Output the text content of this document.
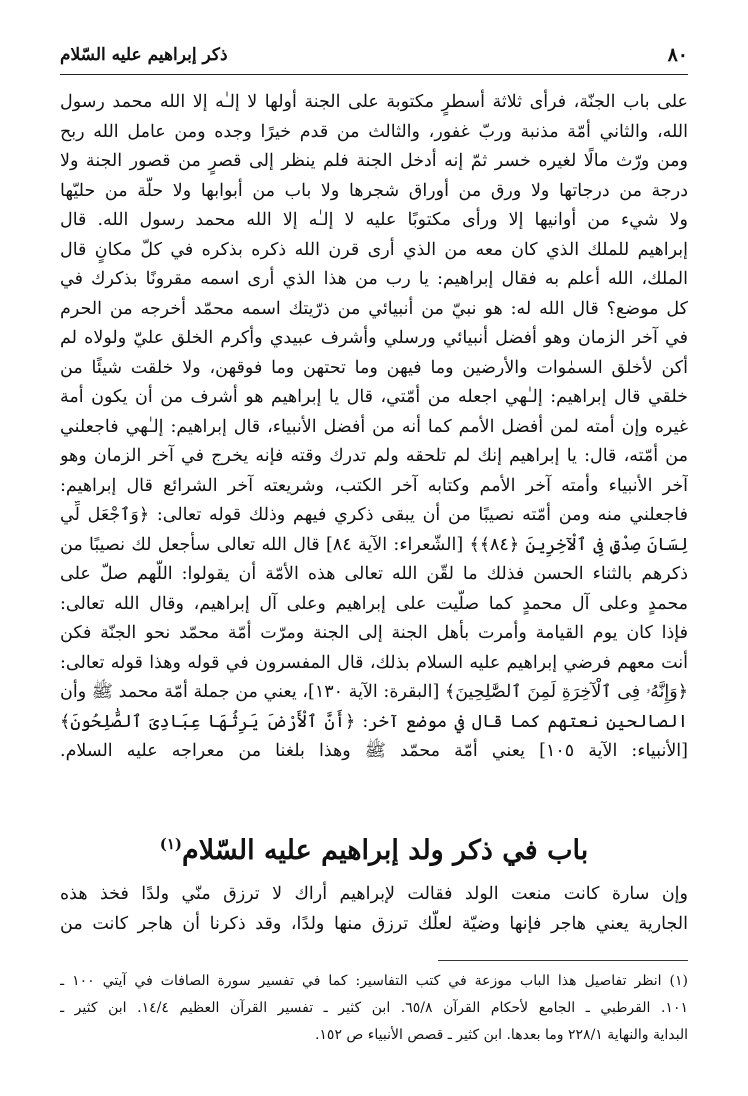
٨٠
ذكر إبراهيم عليه السّلام
على باب الجنّة، فرأى ثلاثة أسطرٍ مكتوبة على الجنة أولها لا إلـٰه إلا الله محمد رسول
الله، والثاني أمّة مذنبة وربّ غفور، والثالث من قدم خيرًا وجده ومن عامل الله ربح
ومن ورّث مالًا لغيره خسر ثمّ إنه أدخل الجنة فلم ينظر إلى قصرٍ من قصور الجنة ولا
درجة من درجاتها ولا ورق من أوراق شجرها ولا باب من أبوابها ولا حلّة من حليّها
ولا شيء من أوانيها إلا ورأى مكتوبًا عليه لا إلـٰه إلا الله محمد رسول الله. قال
إبراهيم للملك الذي كان معه من الذي أرى قرن الله ذكره بذكره في كلّ مكانٍ قال
الملك، الله أعلم به فقال إبراهيم: يا رب من هذا الذي أرى اسمه مقرونًا بذكرك في
كل موضع؟ قال الله له: هو نبيّ من أنبيائي من ذرّيتك اسمه محمّد أخرجه من الحرم
في آخر الزمان وهو أفضل أنبيائي ورسلي وأشرف عبيدي وأكرم الخلق عليّ ولولاه لم
أكن لأخلق السمٰوات والأرضين وما فيهن وما تحتهن وما فوقهن، ولا خلقت شيئًا من
خلقي قال إبراهيم: إلـٰهي اجعله من أمّتي، قال يا إبراهيم هو أشرف من أن يكون أمة
غيره وإن أمته لمن أفضل الأمم كما أنه من أفضل الأنبياء، قال إبراهيم: إلـٰهي فاجعلني
من أمّته، قال: يا إبراهيم إنك لم تلحقه ولم تدرك وقته فإنه يخرج في آخر الزمان وهو
آخر الأنبياء وأمته آخر الأمم وكتابه آخر الكتب، وشريعته آخر الشرائع قال إبراهيم:
فاجعلني منه ومن أمّته نصيبًا من أن يبقى ذكري فيهم وذلك قوله تعالى: ﴿وَٱجْعَل لِّي
لِسَانَ صِدْقٍ فِى ٱلْآخِرِينَ ﴿٨٤﴾﴾ [الشّعراء: الآية ٨٤] قال الله تعالى سأجعل لك نصيبًا من
ذكرهم بالثناء الحسن فذلك ما لقّن الله تعالى هذه الأمّة أن يقولوا: اللّهم صلّ على
محمدٍ وعلى آل محمدٍ كما صلّيت على إبراهيم وعلى آل إبراهيم، وقال الله تعالى:
فإذا كان يوم القيامة وأمرت بأهل الجنة إلى الجنة ومرّت أمّة محمّد نحو الجنّة فكن
أنت معهم فرضي إبراهيم عليه السلام بذلك، قال المفسرون في قوله وهذا قوله تعالى:
﴿وَإِنَّهُۥ فِى ٱلْآخِرَةِ لَمِنَ ٱلصَّٰلِحِينَ﴾ [البقرة: الآية ١٣٠]، يعني من جملة أمّة محمد ﷺ وأن
الصالحين نعتهم كما قال في موضع آخر: ﴿أَنَّ ٱلْأَرْضَ يَرِثُهَا عِبَادِىَ ٱلصَّٰلِحُونَ﴾
[الأنبياء: الآية ١٠٥] يعني أمّة محمّد ﷺ وهذا بلغنا من معراجه عليه السلام.
باب في ذكر ولد إبراهيم عليه السّلام$^{(١)}$
وإن سارة كانت منعت الولد فقالت لإبراهيم أراك لا ترزق منّي ولدًا فخذ هذه
الجارية يعني هاجر فإنها وضيّة لعلّك ترزق منها ولدًا، وقد ذكرنا أن هاجر كانت من
(١) انظر تفاصيل هذا الباب موزعة في كتب التفاسير: كما في تفسير سورة الصافات في آيتي ١٠٠ ـ
١٠١. القرطبي ـ الجامع لأحكام القرآن ٦٥/٨. ابن كثير ـ تفسير القرآن العظيم ١٤/٤. ابن كثير ـ
البداية والنهاية ٢٢٨/١ وما بعدها. ابن كثير ـ قصص الأنبياء ص ١٥٢.
